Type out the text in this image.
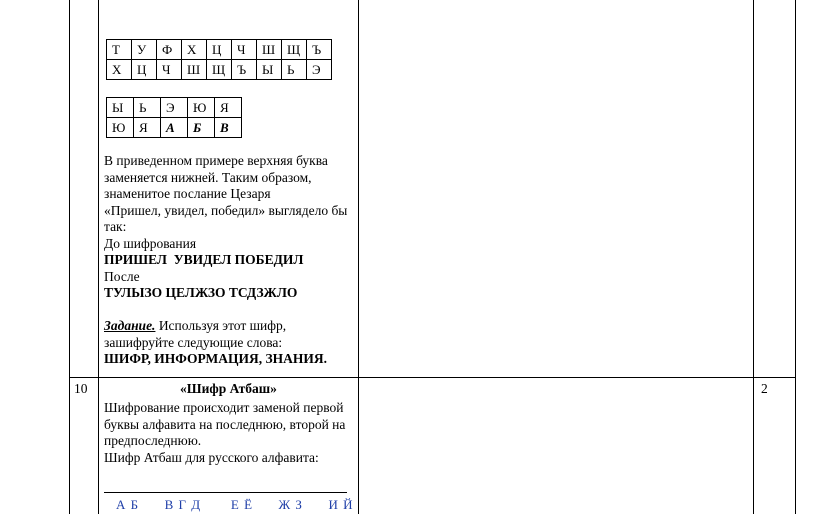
Т	У	Ф	Х	Ц	Ч	Ш	Щ	Ъ
Х	Ц	Ч	Ш	Щ	Ъ	Ы	Ь	Э
Ы	Ь	Э	Ю	Я
Ю	Я	А	Б	В
В приведенном примере верхняя буква
заменяется нижней. Таким образом,
знаменитое послание Цезаря
«Пришел, увидел, победил» выглядело бы
так:
До шифрования
ПРИШЕЛ  УВИДЕЛ ПОБЕДИЛ
После
ТУЛЫЗО ЦЕЛЖЗО ТСДЗЖЛО
Задание. Используя этот шифр,
зашифруйте следующие слова:
ШИФР, ИНФОРМАЦИЯ, ЗНАНИЯ.
10	«Шифр Атбаш»
Шифрование происходит заменой первой
буквы алфавита на последнюю, второй на
предпоследнюю.
Шифр Атбаш для русского алфавита:
А Б      В Г Д       Е Ё      Ж З      И Й
2
